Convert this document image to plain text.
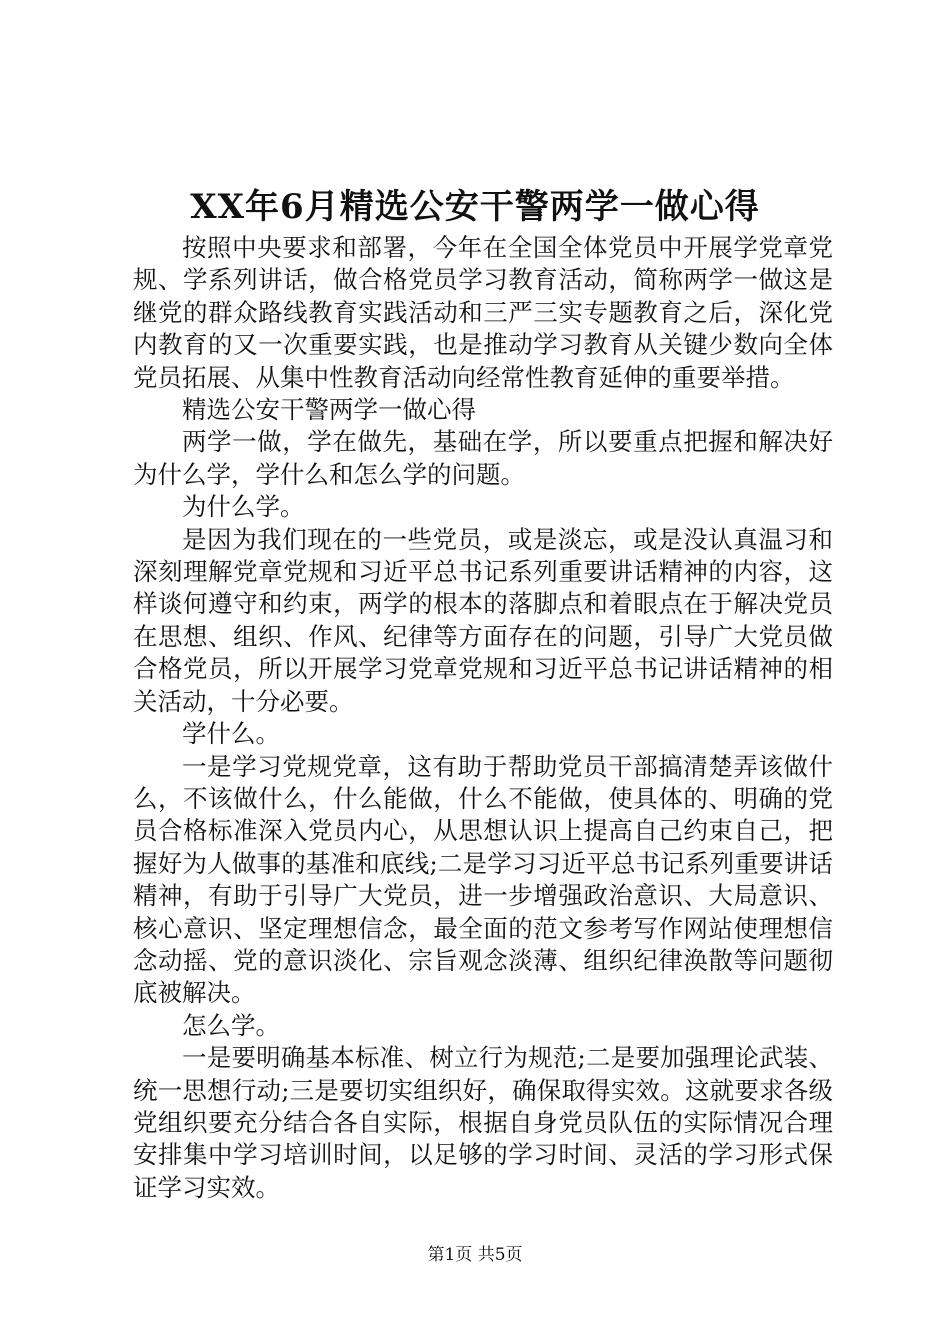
XX年6月精选公安干警两学一做心得

按照中央要求和部署，今年在全国全体党员中开展学党章党规、学系列讲话，做合格党员学习教育活动，简称两学一做这是继党的群众路线教育实践活动和三严三实专题教育之后，深化党内教育的又一次重要实践，也是推动学习教育从关键少数向全体党员拓展、从集中性教育活动向经常性教育延伸的重要举措。

精选公安干警两学一做心得

两学一做，学在做先，基础在学，所以要重点把握和解决好为什么学，学什么和怎么学的问题。

为什么学。

是因为我们现在的一些党员，或是淡忘，或是没认真温习和深刻理解党章党规和习近平总书记系列重要讲话精神的内容，这样谈何遵守和约束，两学的根本的落脚点和着眼点在于解决党员在思想、组织、作风、纪律等方面存在的问题，引导广大党员做合格党员，所以开展学习党章党规和习近平总书记讲话精神的相关活动，十分必要。

学什么。

一是学习党规党章，这有助于帮助党员干部搞清楚弄该做什么，不该做什么，什么能做，什么不能做，使具体的、明确的党员合格标准深入党员内心，从思想认识上提高自己约束自己，把握好为人做事的基准和底线;二是学习习近平总书记系列重要讲话精神，有助于引导广大党员，进一步增强政治意识、大局意识、核心意识、坚定理想信念，最全面的范文参考写作网站使理想信念动摇、党的意识淡化、宗旨观念淡薄、组织纪律涣散等问题彻底被解决。

怎么学。

一是要明确基本标准、树立行为规范;二是要加强理论武装、统一思想行动;三是要切实组织好，确保取得实效。这就要求各级党组织要充分结合各自实际，根据自身党员队伍的实际情况合理安排集中学习培训时间，以足够的学习时间、灵活的学习形式保证学习实效。

第1页 共5页
